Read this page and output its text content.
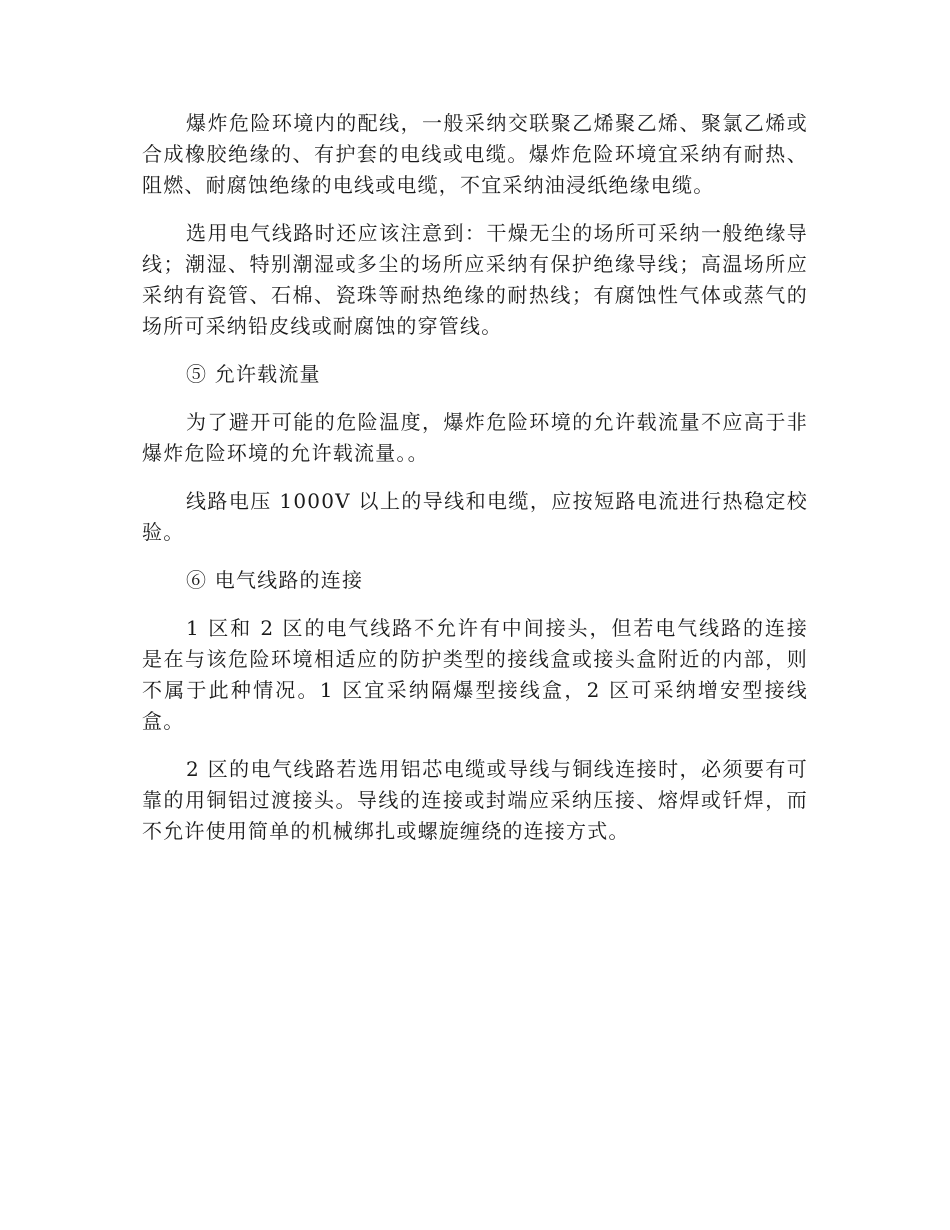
爆炸危险环境内的配线，一般采纳交联聚乙烯聚乙烯、聚氯乙烯或合成橡胶绝缘的、有护套的电线或电缆。爆炸危险环境宜采纳有耐热、阻燃、耐腐蚀绝缘的电线或电缆，不宜采纳油浸纸绝缘电缆。

选用电气线路时还应该注意到：干燥无尘的场所可采纳一般绝缘导线；潮湿、特别潮湿或多尘的场所应采纳有保护绝缘导线；高温场所应采纳有瓷管、石棉、瓷珠等耐热绝缘的耐热线；有腐蚀性气体或蒸气的场所可采纳铅皮线或耐腐蚀的穿管线。

⑤ 允许载流量

为了避开可能的危险温度，爆炸危险环境的允许载流量不应高于非爆炸危险环境的允许载流量。。

线路电压 1000V 以上的导线和电缆，应按短路电流进行热稳定校验。

⑥ 电气线路的连接

1 区和 2 区的电气线路不允许有中间接头，但若电气线路的连接是在与该危险环境相适应的防护类型的接线盒或接头盒附近的内部，则不属于此种情况。1 区宜采纳隔爆型接线盒，2 区可采纳增安型接线盒。

2 区的电气线路若选用铝芯电缆或导线与铜线连接时，必须要有可靠的用铜铝过渡接头。导线的连接或封端应采纳压接、熔焊或钎焊，而不允许使用简单的机械绑扎或螺旋缠绕的连接方式。
